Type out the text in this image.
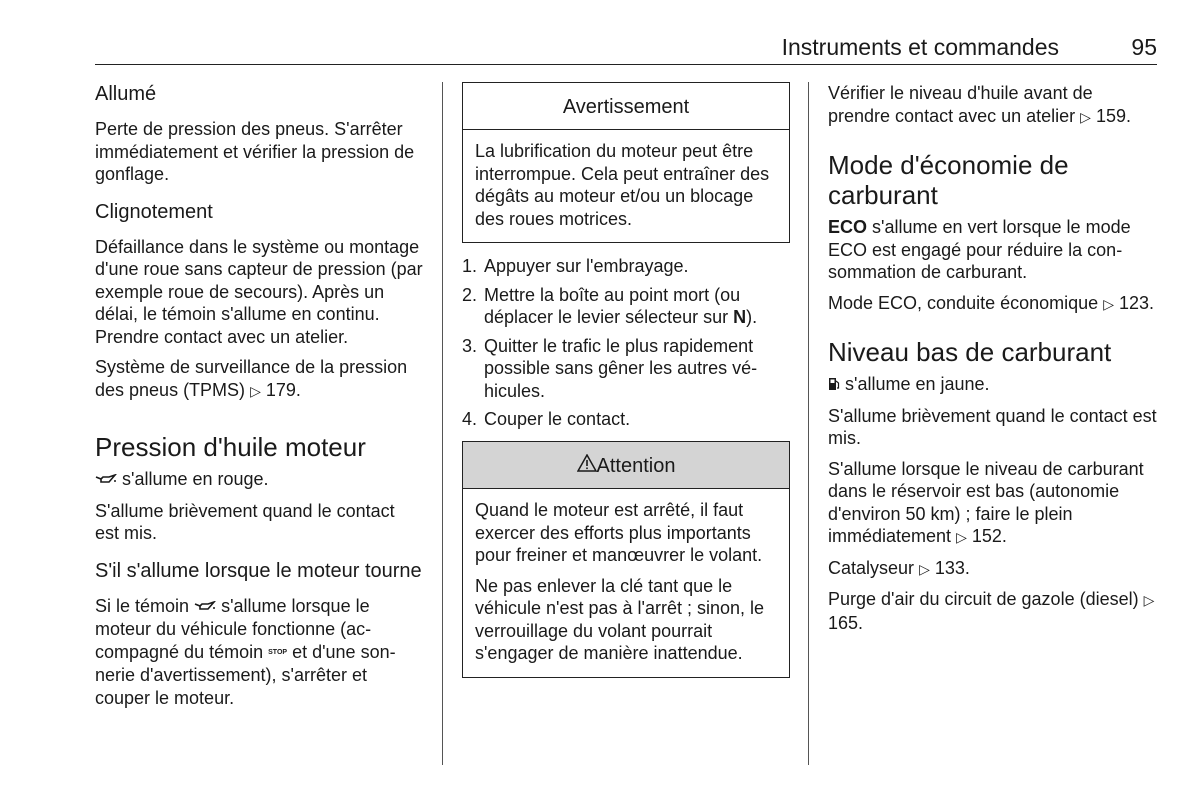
Instruments et commandes	95
Allumé

Perte de pression des pneus. S'arrêter immédiatement et vérifier la pression de gonflage.

Clignotement

Défaillance dans le système ou montage d'une roue sans capteur de pression (par exemple roue de secours). Après un délai, le témoin s'allume en continu. Prendre contact avec un atelier.

Système de surveillance de la pression des pneus (TPMS) ▷ 179.

Pression d'huile moteur

s'allume en rouge.

S'allume brièvement quand le contact est mis.

S'il s'allume lorsque le moteur tourne

Si le témoin s'allume lorsque le moteur du véhicule fonctionne (accompagné du témoin STOP et d'une sonnerie d'avertissement), s'arrêter et couper le moteur.

Avertissement

La lubrification du moteur peut être interrompue. Cela peut entraîner des dégâts au moteur et/ou un blocage des roues motrices.

1. Appuyer sur l'embrayage.
2. Mettre la boîte au point mort (ou déplacer le levier sélecteur sur N).
3. Quitter le trafic le plus rapidement possible sans gêner les autres véhicules.
4. Couper le contact.
Attention

Quand le moteur est arrêté, il faut exercer des efforts plus importants pour freiner et manœuvrer le volant.

Ne pas enlever la clé tant que le véhicule n'est pas à l'arrêt ; sinon, le verrouillage du volant pourrait s'engager de manière inattendue.

Vérifier le niveau d'huile avant de prendre contact avec un atelier ▷ 159.

Mode d'économie de carburant

ECO s'allume en vert lorsque le mode ECO est engagé pour réduire la consommation de carburant.

Mode ECO, conduite économique ▷ 123.

Niveau bas de carburant

s'allume en jaune.

S'allume brièvement quand le contact est mis.

S'allume lorsque le niveau de carburant dans le réservoir est bas (autonomie d'environ 50 km) ; faire le plein immédiatement ▷ 152.

Catalyseur ▷ 133.

Purge d'air du circuit de gazole (diesel) ▷ 165.
